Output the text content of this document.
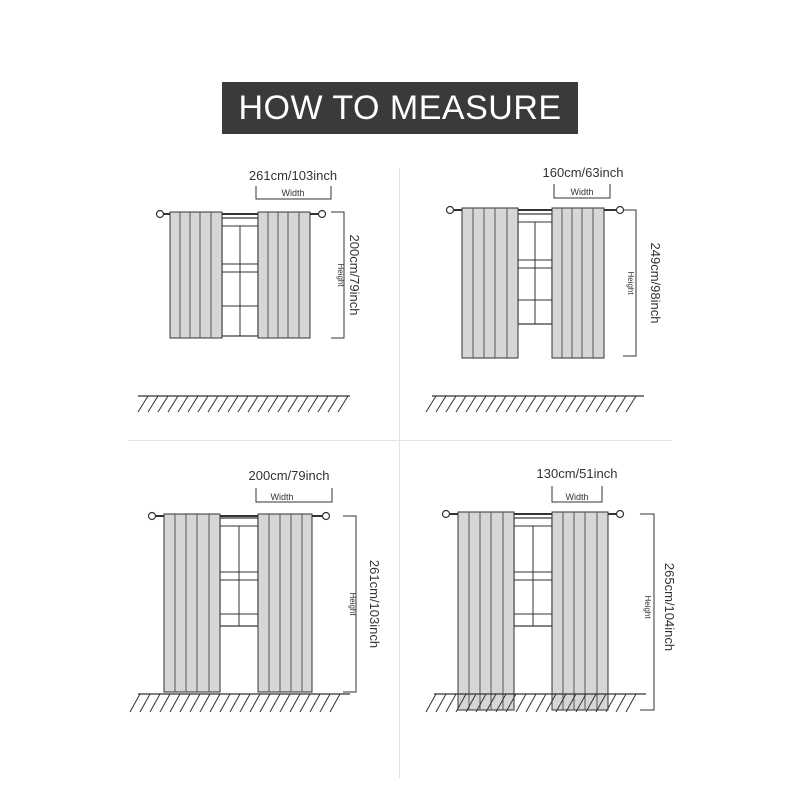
HOW TO MEASURE
261cm/103inch
Width
Height 200cm/79inch
160cm/63inch
Width
Height 249cm/98inch
200cm/79inch
Width
Height 261cm/103inch
130cm/51inch
Width
Height 265cm/104inch
